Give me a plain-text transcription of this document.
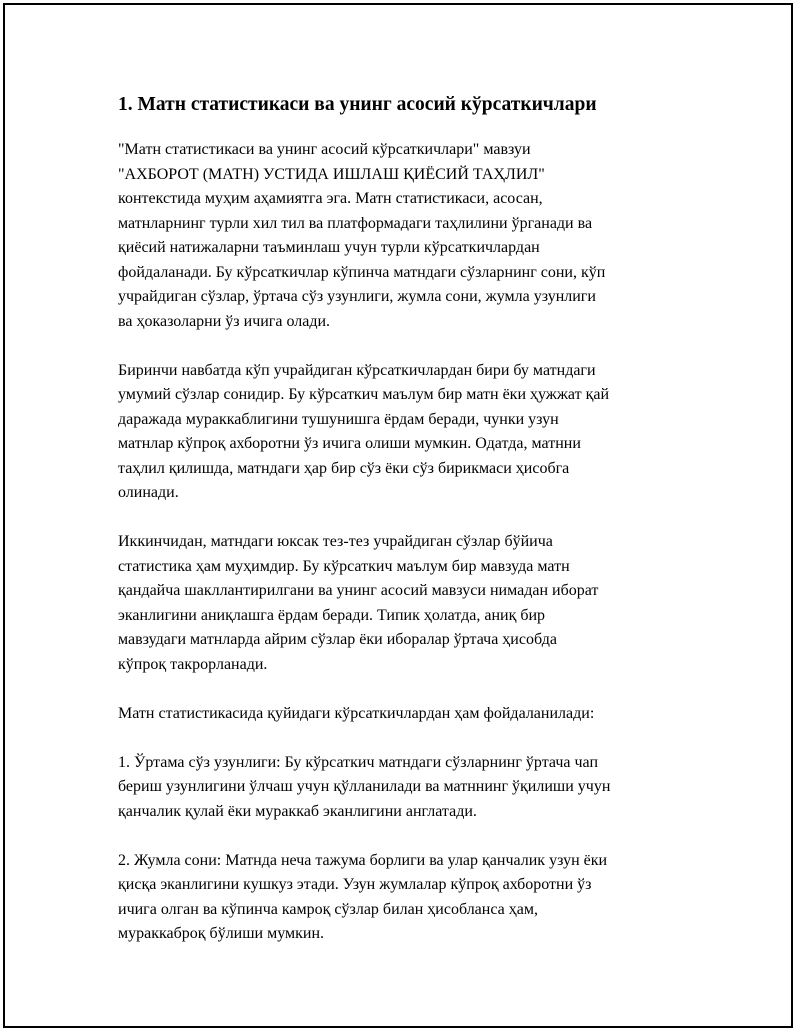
1. Матн статистикаси ва унинг асосий кўрсаткичлари

"Матн статистикаси ва унинг асосий кўрсаткичлари" мавзуи
"АХБОРОТ (МАТН) УСТИДА ИШЛАШ ҚИЁСИЙ ТАҲЛИЛ"
контекстида муҳим аҳамиятга эга. Матн статистикаси, асосан,
матнларнинг турли хил тил ва платформадаги таҳлилини ўрганади ва
қиёсий натижаларни таъминлаш учун турли кўрсаткичлардан
фойдаланади. Бу кўрсаткичлар кўпинча матндаги сўзларнинг сони, кўп
учрайдиган сўзлар, ўртача сўз узунлиги, жумла сони, жумла узунлиги
ва ҳоказоларни ўз ичига олади.

Биринчи навбатда кўп учрайдиган кўрсаткичлардан бири бу матндаги
умумий сўзлар сонидир. Бу кўрсаткич маълум бир матн ёки ҳужжат қай
даражада мураккаблигини тушунишга ёрдам беради, чунки узун
матнлар кўпроқ ахборотни ўз ичига олиши мумкин. Одатда, матнни
таҳлил қилишда, матндаги ҳар бир сўз ёки сўз бирикмаси ҳисобга
олинади.

Иккинчидан, матндаги юксак тез-тез учрайдиган сўзлар бўйича
статистика ҳам муҳимдир. Бу кўрсаткич маълум бир мавзуда матн
қандайча шакллантирилгани ва унинг асосий мавзуси нимадан иборат
эканлигини аниқлашга ёрдам беради. Типик ҳолатда, аниқ бир
мавзудаги матнларда айрим сўзлар ёки иборалар ўртача ҳисобда
кўпроқ такрорланади.

Матн статистикасида қуйидаги кўрсаткичлардан ҳам фойдаланилади:

1. Ўртама сўз узунлиги: Бу кўрсаткич матндаги сўзларнинг ўртача чап
бериш узунлигини ўлчаш учун қўлланилади ва матннинг ўқилиши учун
қанчалик қулай ёки мураккаб эканлигини англатади.

2. Жумла сони: Матнда неча тажума борлиги ва улар қанчалик узун ёки
қисқа эканлигини кушкуз этади. Узун жумлалар кўпроқ ахборотни ўз
ичига олган ва кўпинча камроқ сўзлар билан ҳисобланса ҳам,
мураккаброқ бўлиши мумкин.
